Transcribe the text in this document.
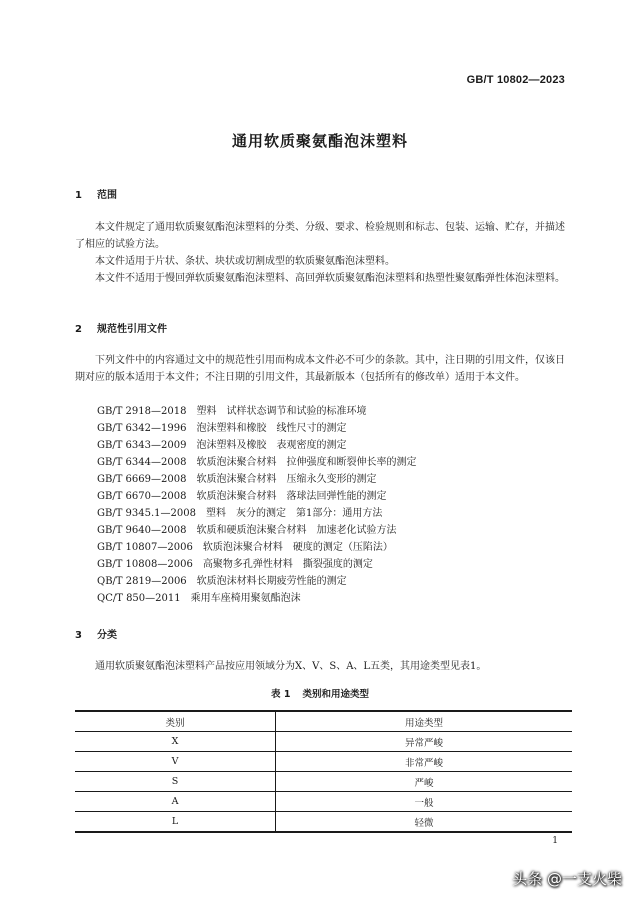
GB/T 10802—2023
通用软质聚氨酯泡沫塑料
1 范围

本文件规定了通用软质聚氨酯泡沫塑料的分类、分级、要求、检验规则和标志、包装、运输、贮存，并描述了相应的试验方法。

本文件适用于片状、条状、块状或切割成型的软质聚氨酯泡沫塑料。

本文件不适用于慢回弹软质聚氨酯泡沫塑料、高回弹软质聚氨酯泡沫塑料和热塑性聚氨酯弹性体泡沫塑料。

2 规范性引用文件

下列文件中的内容通过文中的规范性引用而构成本文件必不可少的条款。其中，注日期的引用文件，仅该日期对应的版本适用于本文件；不注日期的引用文件，其最新版本（包括所有的修改单）适用于本文件。

GB/T 2918—2018　塑料　试样状态调节和试验的标准环境
GB/T 6342—1996　泡沫塑料和橡胶　线性尺寸的测定
GB/T 6343—2009　泡沫塑料及橡胶　表观密度的测定
GB/T 6344—2008　软质泡沫聚合材料　拉伸强度和断裂伸长率的测定
GB/T 6669—2008　软质泡沫聚合材料　压缩永久变形的测定
GB/T 6670—2008　软质泡沫聚合材料　落球法回弹性能的测定
GB/T 9345.1—2008　塑料　灰分的测定　第1部分：通用方法
GB/T 9640—2008　软质和硬质泡沫聚合材料　加速老化试验方法
GB/T 10807—2006　软质泡沫聚合材料　硬度的测定（压陷法）
GB/T 10808—2006　高聚物多孔弹性材料　撕裂强度的测定
QB/T 2819—2006　软质泡沫材料长期疲劳性能的测定
QC/T 850—2011　乘用车座椅用聚氨酯泡沫
3 分类

通用软质聚氨酯泡沫塑料产品按应用领域分为X、V、S、A、L五类，其用途类型见表1。

表 1 类别和用途类型
类别	用途类型
X	异常严峻
V	非常严峻
S	严峻
A	一般
L	轻微
1
头条 @一支火柴
